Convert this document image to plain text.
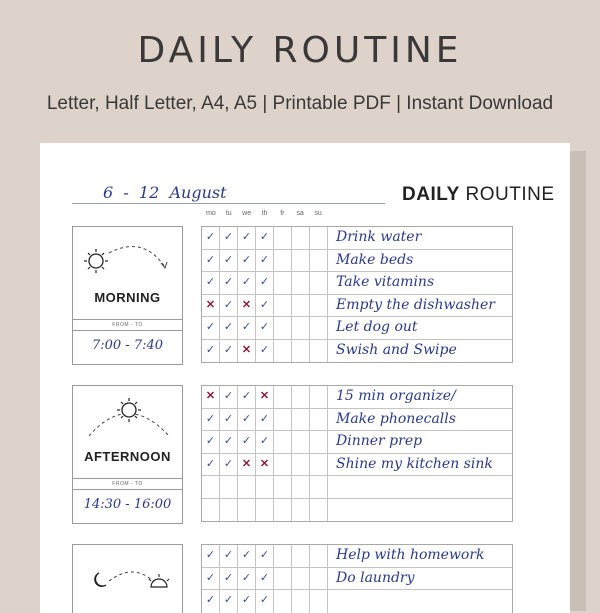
DAILY ROUTINE
Letter, Half Letter, A4, A5 | Printable PDF | Instant Download
6  -  12  August	DAILY ROUTINE
mo	tu	we	th	fr	sa	su
MORNING
FROM - TO
7:00 - 7:40
AFTERNOON
FROM - TO
14:30 - 16:00
✓ ✓ ✓ ✓	Drink water
✓ ✓ ✓ ✓	Make beds
✓ ✓ ✓ ✓	Take vitamins
✕ ✓ ✕ ✓	Empty the dishwasher
✓ ✓ ✓ ✓	Let dog out
✓ ✓ ✕ ✓	Swish and Swipe
✕ ✓ ✓ ✕	15 min organize/
✓ ✓ ✓ ✓	Make phonecalls
✓ ✓ ✓ ✓	Dinner prep
✓ ✓ ✕ ✕	Shine my kitchen sink
✓ ✓ ✓ ✓	Help with homework
✓ ✓ ✓ ✓	Do laundry
✓ ✓ ✓ ✓
